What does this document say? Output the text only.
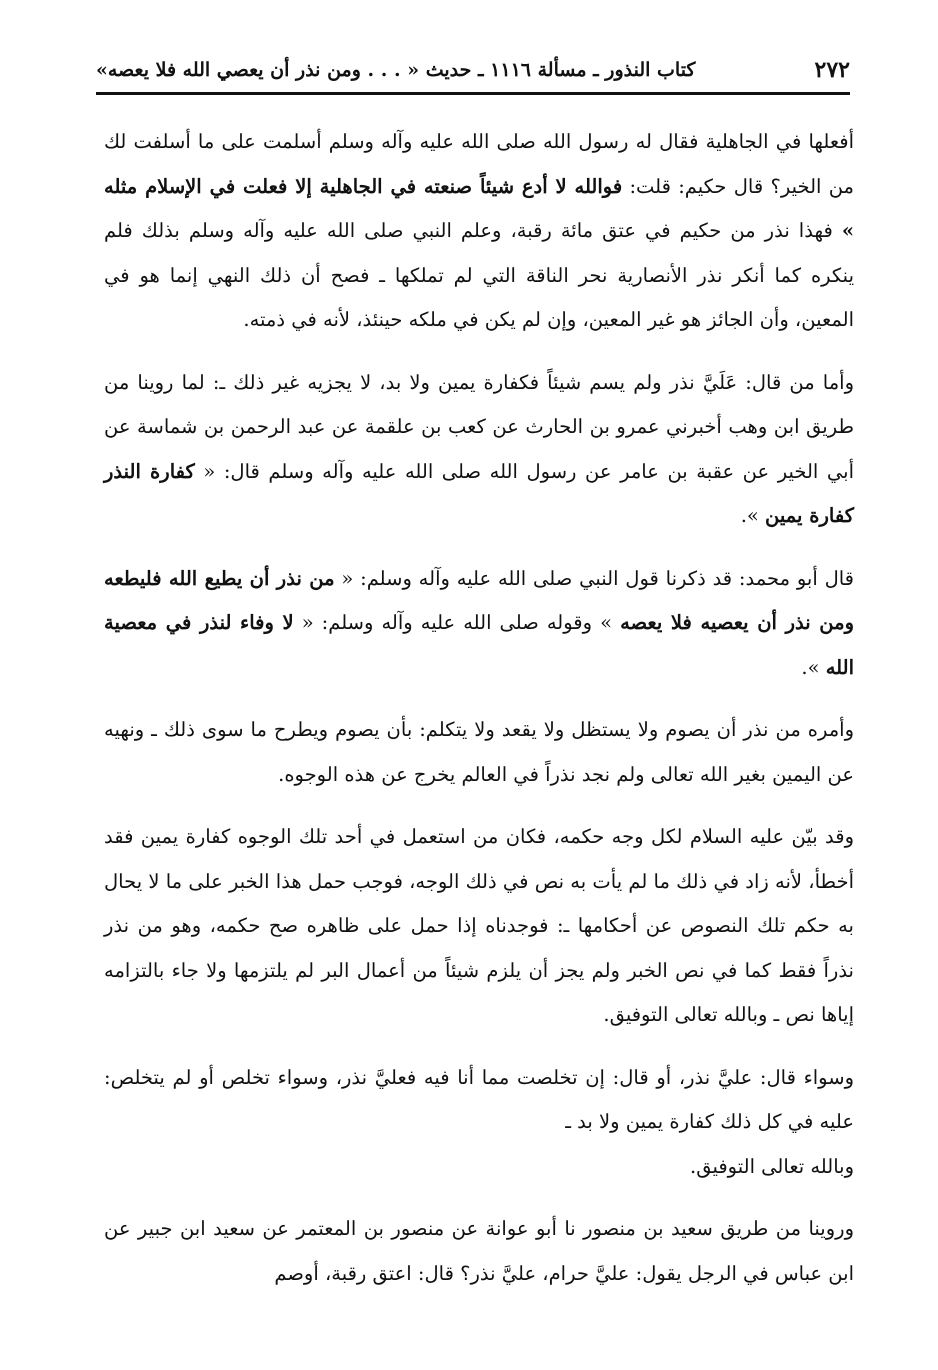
٢٧٢
كتاب النذور ـ مسألة ١١١٦ ـ حديث « . . . ومن نذر أن يعصي الله فلا يعصه»

أفعلها في الجاهلية فقال له رسول الله صلى الله عليه وآله وسلم أسلمت على ما أسلفت لك من الخير؟ قال حكيم: قلت: فوالله لا أدع شيئاً صنعته في الجاهلية إلا فعلت في الإسلام مثله » فهذا نذر من حكيم في عتق مائة رقبة، وعلم النبي صلى الله عليه وآله وسلم بذلك فلم ينكره كما أنكر نذر الأنصارية نحر الناقة التي لم تملكها ـ فصح أن ذلك النهي إنما هو في المعين، وأن الجائز هو غير المعين، وإن لم يكن في ملكه حينئذ، لأنه في ذمته.

وأما من قال: عَلَيَّ نذر ولم يسم شيئاً فكفارة يمين ولا بد، لا يجزيه غير ذلك ـ: لما روينا من طريق ابن وهب أخبرني عمرو بن الحارث عن كعب بن علقمة عن عبد الرحمن بن شماسة عن أبي الخير عن عقبة بن عامر عن رسول الله صلى الله عليه وآله وسلم قال: « كفارة النذر كفارة يمين ».

قال أبو محمد: قد ذكرنا قول النبي صلى الله عليه وآله وسلم: « من نذر أن يطيع الله فليطعه ومن نذر أن يعصيه فلا يعصه » وقوله صلى الله عليه وآله وسلم: « لا وفاء لنذر في معصية الله ».

وأمره من نذر أن يصوم ولا يستظل ولا يقعد ولا يتكلم: بأن يصوم ويطرح ما سوى ذلك ـ ونهيه عن اليمين بغير الله تعالى ولم نجد نذراً في العالم يخرج عن هذه الوجوه.

وقد بيّن عليه السلام لكل وجه حكمه، فكان من استعمل في أحد تلك الوجوه كفارة يمين فقد أخطأ، لأنه زاد في ذلك ما لم يأت به نص في ذلك الوجه، فوجب حمل هذا الخبر على ما لا يحال به حكم تلك النصوص عن أحكامها ـ: فوجدناه إذا حمل على ظاهره صح حكمه، وهو من نذر نذراً فقط كما في نص الخبر ولم يجز أن يلزم شيئاً من أعمال البر لم يلتزمها ولا جاء بالتزامه إياها نص ـ وبالله تعالى التوفيق.

وسواء قال: عليَّ نذر، أو قال: إن تخلصت مما أنا فيه فعليَّ نذر، وسواء تخلص أو لم يتخلص: عليه في كل ذلك كفارة يمين ولا بد ـ

وبالله تعالى التوفيق.

وروينا من طريق سعيد بن منصور نا أبو عوانة عن منصور بن المعتمر عن سعيد ابن جبير عن ابن عباس في الرجل يقول: عليَّ حرام، عليَّ نذر؟ قال: اعتق رقبة، أوصم
